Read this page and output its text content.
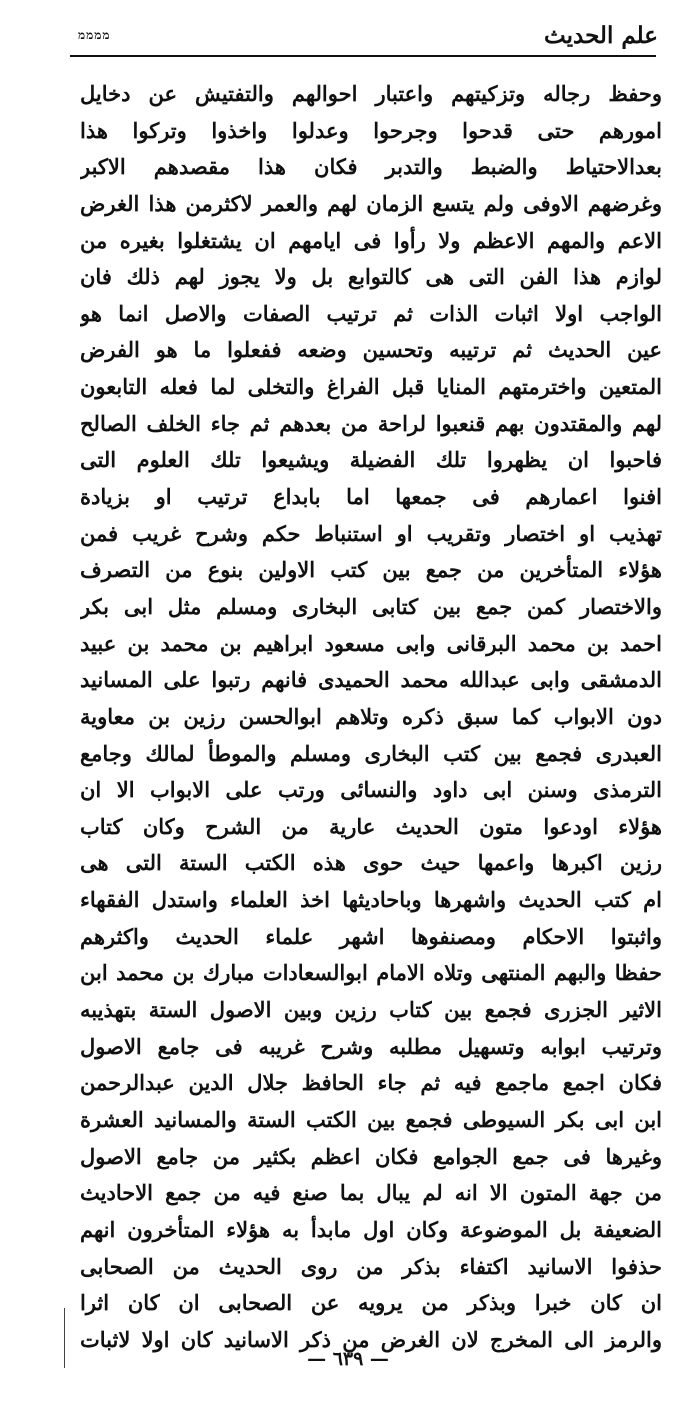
علم الحديث
ממממ
وحفظ رجاله وتزكيتهم واعتبار احوالهم والتفتيش عن دخايل
امورهم حتى قدحوا وجرحوا وعدلوا واخذوا وتركوا هذا
بعدالاحتياط والضبط والتدبر فكان هذا مقصدهم الاكبر
وغرضهم الاوفى ولم يتسع الزمان لهم والعمر لاكثرمن هذا الغرض
الاعم والمهم الاعظم ولا رأوا فى ايامهم ان يشتغلوا بغيره من
لوازم هذا الفن التى هى كالتوابع بل ولا يجوز لهم ذلك فان
الواجب اولا اثبات الذات ثم ترتيب الصفات والاصل انما هو
عين الحديث ثم ترتيبه وتحسين وضعه ففعلوا ما هو الفرض
المتعين واخترمتهم المنايا قبل الفراغ والتخلى لما فعله التابعون
لهم والمقتدون بهم قنعبوا لراحة من بعدهم ثم جاء الخلف الصالح
فاحبوا ان يظهروا تلك الفضيلة ويشيعوا تلك العلوم التى
افنوا اعمارهم فى جمعها اما بابداع ترتيب او بزيادة
تهذيب او اختصار وتقريب او استنباط حكم وشرح غريب فمن
هؤلاء المتأخرين من جمع بين كتب الاولين بنوع من التصرف
والاختصار كمن جمع بين كتابى البخارى ومسلم مثل ابى بكر
احمد بن محمد البرقانى وابى مسعود ابراهيم بن محمد بن عبيد
الدمشقى وابى عبدالله محمد الحميدى فانهم رتبوا على المسانيد
دون الابواب كما سبق ذكره وتلاهم ابوالحسن رزين بن معاوية
العبدرى فجمع بين كتب البخارى ومسلم والموطأ لمالك وجامع
الترمذى وسنن ابى داود والنسائى ورتب على الابواب الا ان
هؤلاء اودعوا متون الحديث عارية من الشرح وكان كتاب
رزين اكبرها واعمها حيث حوى هذه الكتب الستة التى هى
ام كتب الحديث واشهرها وباحاديثها اخذ العلماء واستدل الفقهاء
واثبتوا الاحكام ومصنفوها اشهر علماء الحديث واكثرهم
حفظا والبهم المنتهى وتلاه الامام ابوالسعادات مبارك بن محمد ابن
الاثير الجزرى فجمع بين كتاب رزين وبين الاصول الستة بتهذيبه
وترتيب ابوابه وتسهيل مطلبه وشرح غريبه فى جامع الاصول
فكان اجمع ماجمع فيه ثم جاء الحافظ جلال الدين عبدالرحمن
ابن ابى بكر السيوطى فجمع بين الكتب الستة والمسانيد العشرة
وغيرها فى جمع الجوامع فكان اعظم بكثير من جامع الاصول
من جهة المتون الا انه لم يبال بما صنع فيه من جمع الاحاديث
الضعيفة بل الموضوعة وكان اول مابدأ به هؤلاء المتأخرون انهم
حذفوا الاسانيد اكتفاء بذكر من روى الحديث من الصحابى
ان كان خبرا وبذكر من يرويه عن الصحابى ان كان اثرا
والرمز الى المخرج لان الغرض من ذكر الاسانيد كان اولا لاثبات
— ٦٣٩ —
